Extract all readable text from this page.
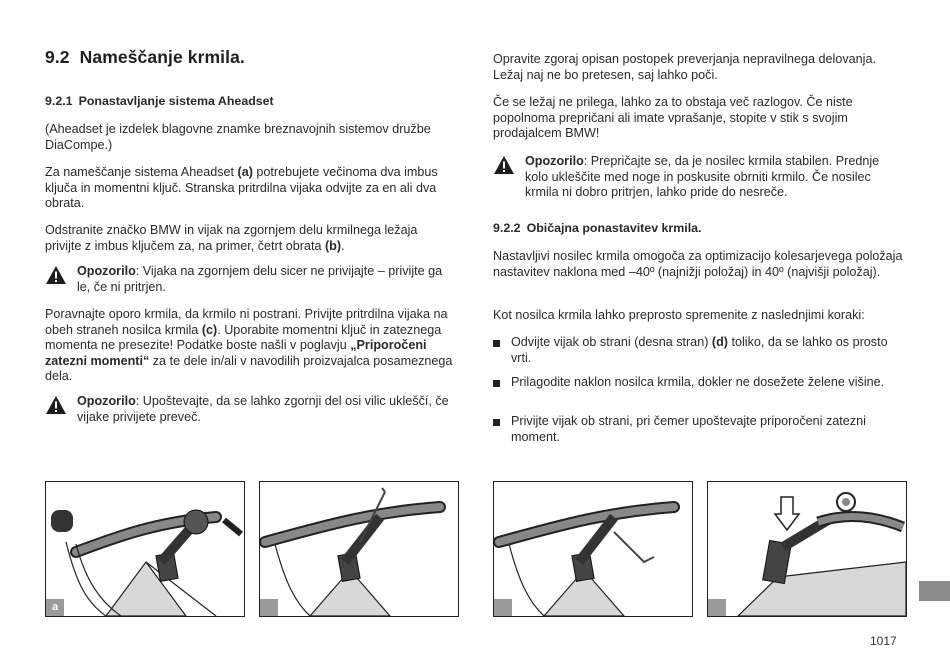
9.2 Nameščanje krmila.
9.2.1 Ponastavljanje sistema Aheadset

(Aheadset je izdelek blagovne znamke breznavojnih sistemov družbe DiaCompe.)

Za nameščanje sistema Aheadset (a) potrebujete večinoma dva imbus ključa in momentni ključ. Stranska pritrdilna vijaka odvijte za en ali dva obrata.

Odstranite značko BMW in vijak na zgornjem delu krmilnega ležaja privijte z imbus ključem za, na primer, četrt obrata (b).

Opozorilo: Vijaka na zgornjem delu sicer ne privijajte – privijte ga le, če ni pritrjen.

Poravnajte oporo krmila, da krmilo ni postrani. Privijte pritrdilna vijaka na obeh straneh nosilca krmila (c). Uporabite momentni ključ in zateznega momenta ne presezite! Podatke boste našli v poglavju „Priporočeni zatezni momenti“ za te dele in/ali v navodilih proizvajalca posameznega dela.

Opozorilo: Upoštevajte, da se lahko zgornji del osi vilic ukleščí, če vijake privijete preveč.

Opravite zgoraj opisan postopek preverjanja nepravilnega delovanja. Ležaj naj ne bo pretesen, saj lahko poči.

Če se ležaj ne prilega, lahko za to obstaja več razlogov. Če niste popolnoma prepričani ali imate vprašanje, stopite v stik s svojim prodajalcem BMW!

Opozorilo: Prepričajte se, da je nosilec krmila stabilen. Prednje kolo ukleščite med noge in poskusite obrniti krmilo. Če nosilec krmila ni dobro pritrjen, lahko pride do nesreče.

9.2.2 Običajna ponastavitev krmila.

Nastavljivi nosilec krmila omogoča za optimizacijo kolesarjevega položaja nastavitev naklona med –40º (najnižji položaj) in 40º (najvišji položaj).

Kot nosilca krmila lahko preprosto spremenite z naslednjimi koraki:

Odvijte vijak ob strani (desna stran) (d) toliko, da se lahko os prosto vrti.

Prilagodite naklon nosilca krmila, dokler ne dosežete želene višine.

Privijte vijak ob strani, pri čemer upoštevajte priporočeni zatezni moment.

a
1017
